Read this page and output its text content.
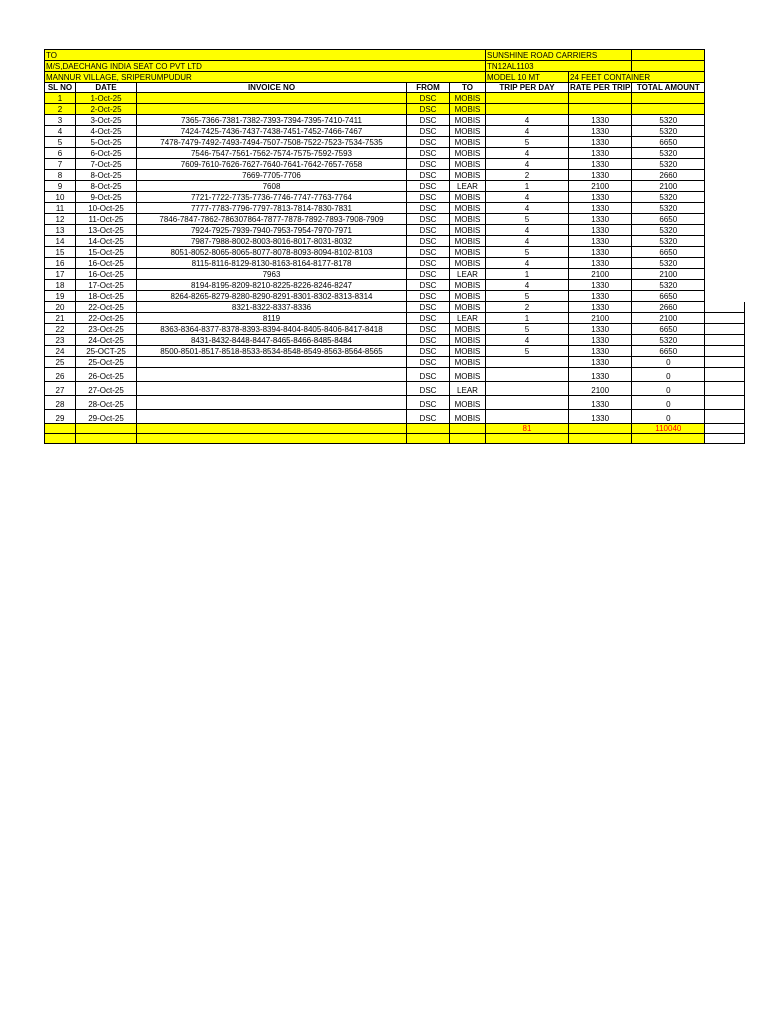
TO					SUNSHINE ROAD CARRIERS			
M/S,DAECHANG INDIA SEAT CO PVT LTD					TN12AL1103			
MANNUR VILLAGE, SRIPERUMPUDUR					MODEL 10 MT	24 FEET CONTAINER		
SL NO	DATE	INVOICE NO	FROM	TO	TRIP PER DAY	RATE PER TRIP	TOTAL AMOUNT	
1	1-Oct-25		DSC	MOBIS				
2	2-Oct-25		DSC	MOBIS				
3	3-Oct-25	7365-7366-7381-7382-7393-7394-7395-7410-7411	DSC	MOBIS	4	1330	5320	
4	4-Oct-25	7424-7425-7436-7437-7438-7451-7452-7466-7467	DSC	MOBIS	4	1330	5320	
5	5-Oct-25	7478-7479-7492-7493-7494-7507-7508-7522-7523-7534-7535	DSC	MOBIS	5	1330	6650	
6	6-Oct-25	7546-7547-7561-7562-7574-7575-7592-7593	DSC	MOBIS	4	1330	5320	
7	7-Oct-25	7609-7610-7626-7627-7640-7641-7642-7657-7658	DSC	MOBIS	4	1330	5320	
8	8-Oct-25	7669-7705-7706	DSC	MOBIS	2	1330	2660	
9	8-Oct-25	7608	DSC	LEAR	1	2100	2100	
10	9-Oct-25	7721-7722-7735-7736-7746-7747-7763-7764	DSC	MOBIS	4	1330	5320	
11	10-Oct-25	7777-7783-7796-7797-7813-7814-7830-7831	DSC	MOBIS	4	1330	5320	
12	11-Oct-25	7846-7847-7862-786307864-7877-7878-7892-7893-7908-7909	DSC	MOBIS	5	1330	6650	
13	13-Oct-25	7924-7925-7939-7940-7953-7954-7970-7971	DSC	MOBIS	4	1330	5320	
14	14-Oct-25	7987-7988-8002-8003-8016-8017-8031-8032	DSC	MOBIS	4	1330	5320	
15	15-Oct-25	8051-8052-8065-8065-8077-8078-8093-8094-8102-8103	DSC	MOBIS	5	1330	6650	
16	16-Oct-25	8115-8116-8129-8130-8163-8164-8177-8178	DSC	MOBIS	4	1330	5320	
17	16-Oct-25	7963	DSC	LEAR	1	2100	2100	
18	17-Oct-25	8194-8195-8209-8210-8225-8226-8246-8247	DSC	MOBIS	4	1330	5320	
19	18-Oct-25	8264-8265-8279-8280-8290-8291-8301-8302-8313-8314	DSC	MOBIS	5	1330	6650	
20	22-Oct-25	8321-8322-8337-8336	DSC	MOBIS	2	1330	2660	
21	22-Oct-25	8119	DSC	LEAR	1	2100	2100	
22	23-Oct-25	8363-8364-8377-8378-8393-8394-8404-8405-8406-8417-8418	DSC	MOBIS	5	1330	6650	
23	24-Oct-25	8431-8432-8448-8447-8465-8466-8485-8484	DSC	MOBIS	4	1330	5320	
24	25-OCT-25	8500-8501-8517-8518-8533-8534-8548-8549-8563-8564-8565	DSC	MOBIS	5	1330	6650	
25	25-Oct-25		DSC	MOBIS		1330	0	
26	26-Oct-25		DSC	MOBIS		1330	0	
27	27-Oct-25		DSC	LEAR		2100	0	
28	28-Oct-25		DSC	MOBIS		1330	0	
29	29-Oct-25		DSC	MOBIS		1330	0	
					81		110040	
